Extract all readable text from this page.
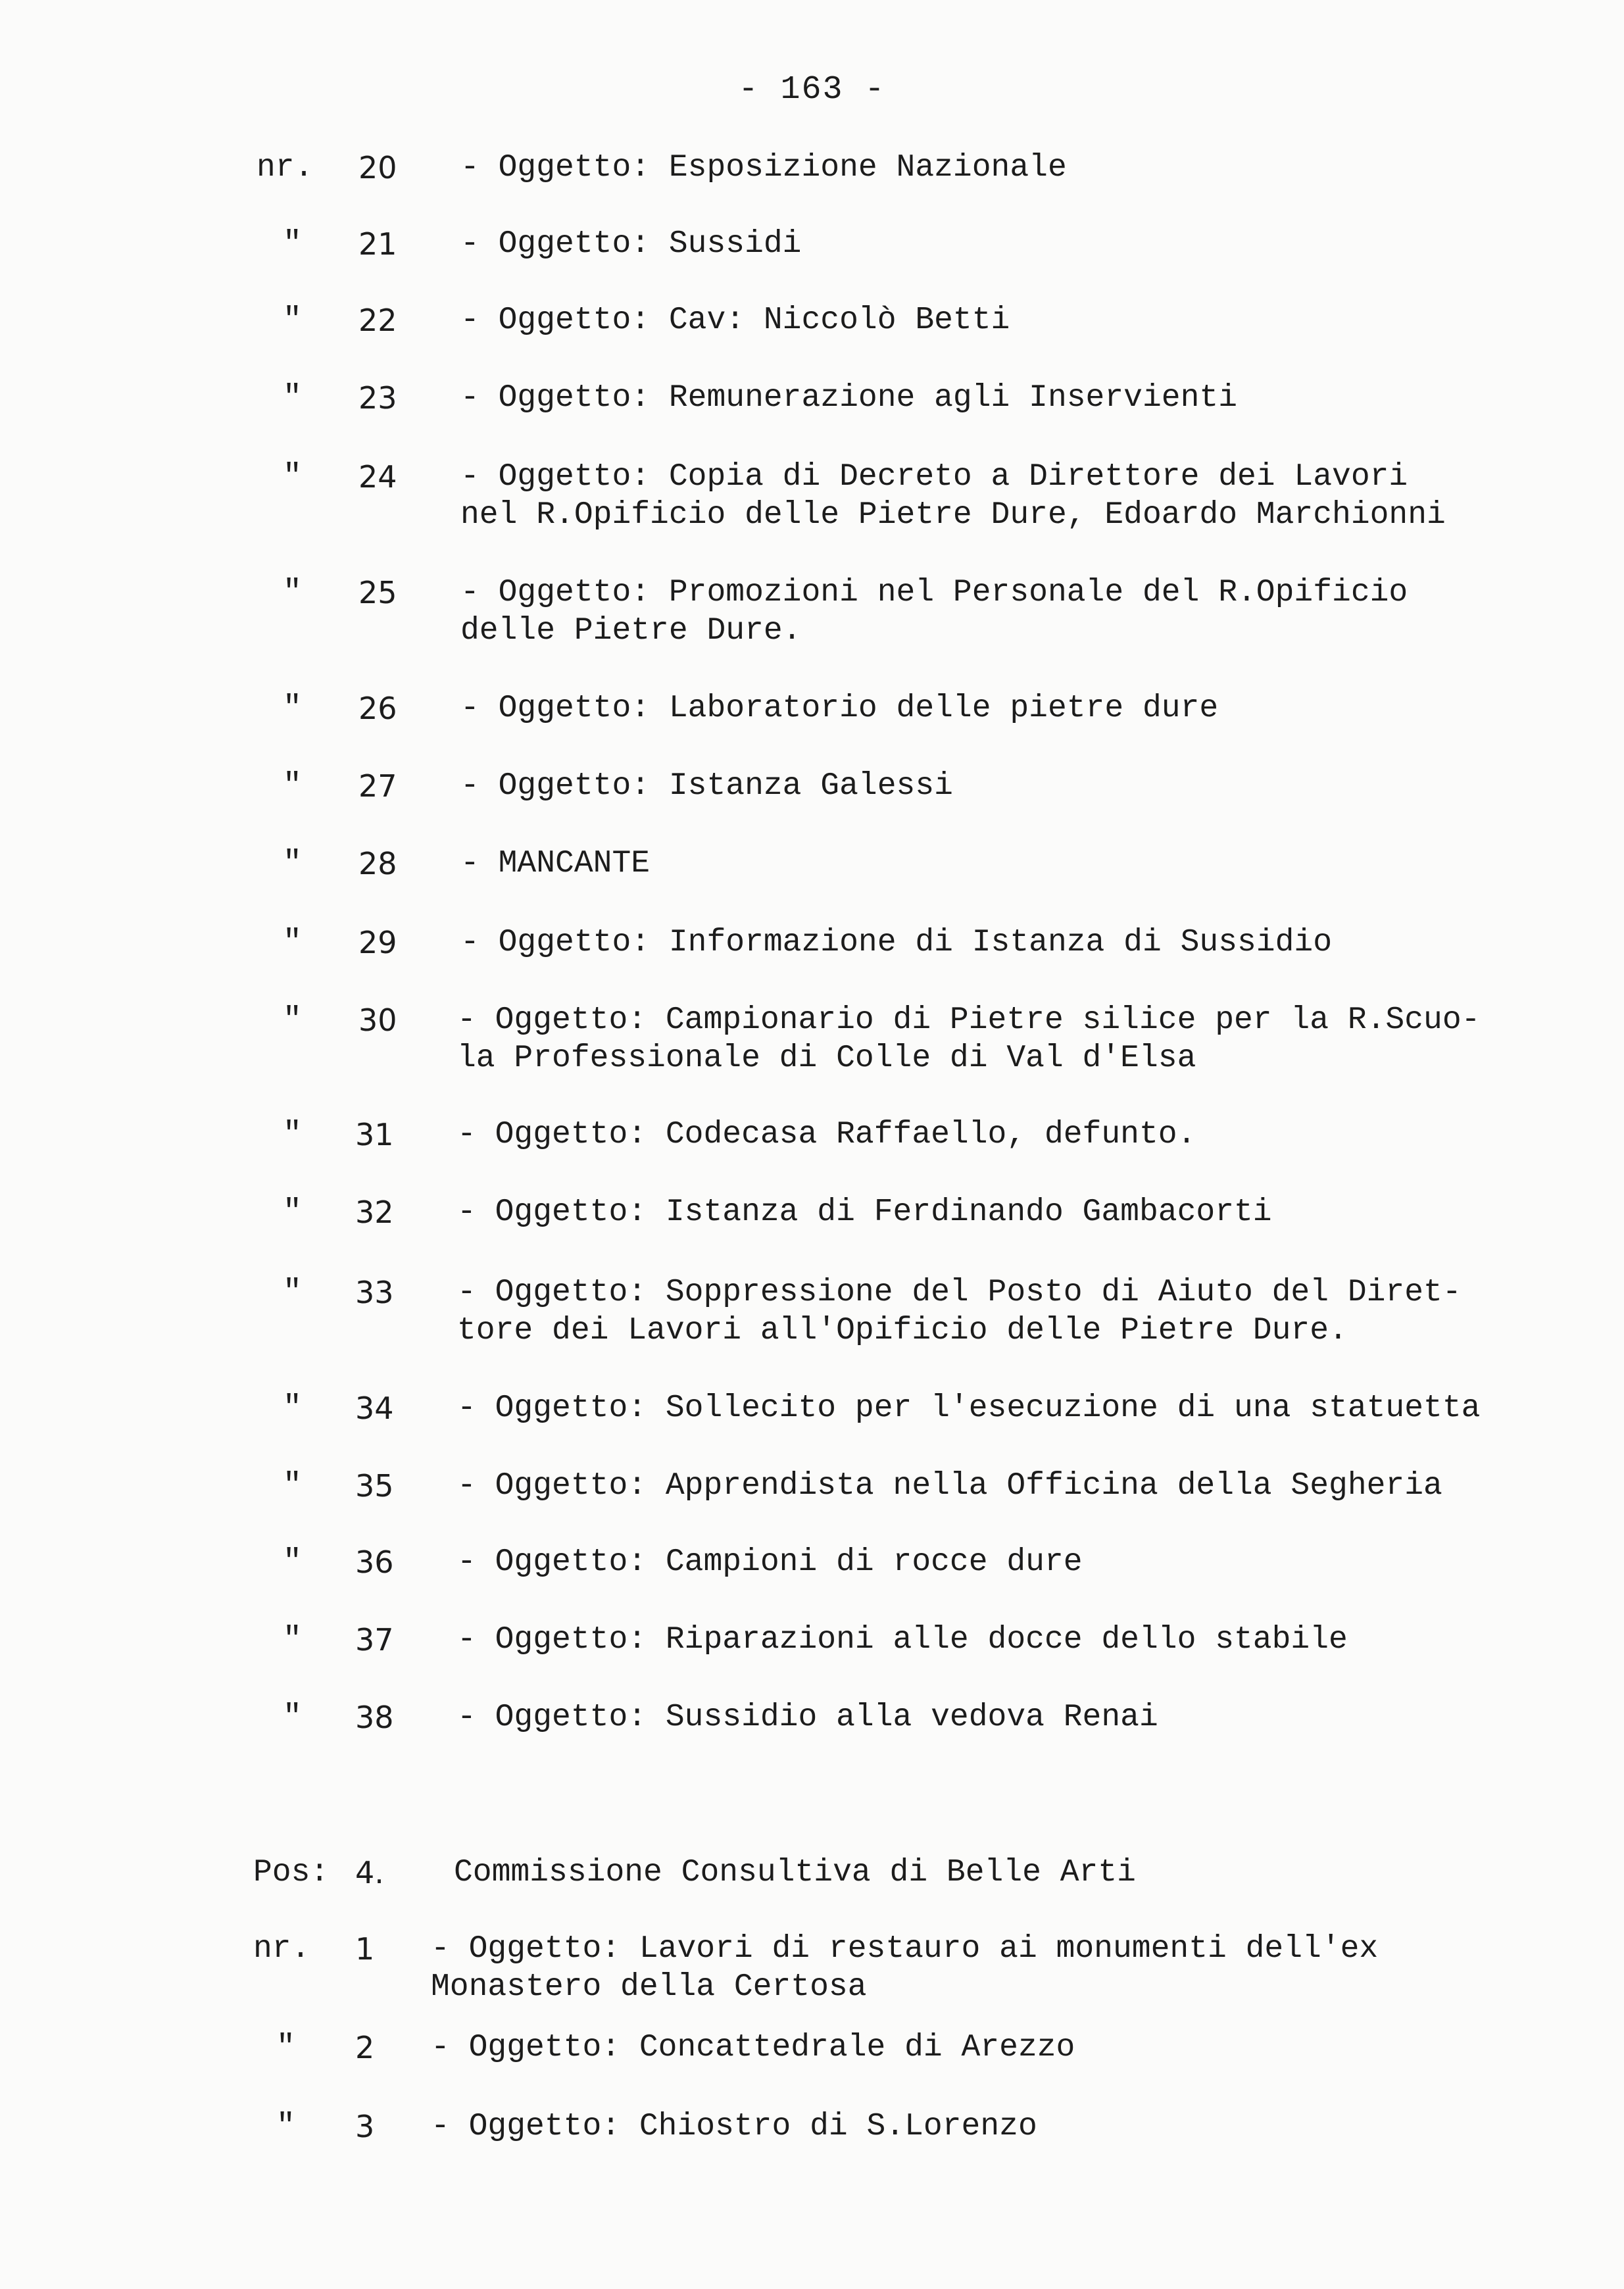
- 163 -
nr. 20 - Oggetto: Esposizione Nazionale
" 21 - Oggetto: Sussidi
" 22 - Oggetto: Cav: Niccolò Betti
" 23 - Oggetto: Remunerazione agli Inservienti
" 24 - Oggetto: Copia di Decreto a Direttore dei Lavori
nel R.Opificio delle Pietre Dure, Edoardo Marchionni
" 25 - Oggetto: Promozioni nel Personale del R.Opificio
delle Pietre Dure.
" 26 - Oggetto: Laboratorio delle pietre dure
" 27 - Oggetto: Istanza Galessi
" 28 - MANCANTE
" 29 - Oggetto: Informazione di Istanza di Sussidio
" 30 - Oggetto: Campionario di Pietre silice per la R.Scuo-
la Professionale di Colle di Val d'Elsa
" 31 - Oggetto: Codecasa Raffaello, defunto.
" 32 - Oggetto: Istanza di Ferdinando Gambacorti
" 33 - Oggetto: Soppressione del Posto di Aiuto del Diret-
tore dei Lavori all'Opificio delle Pietre Dure.
" 34 - Oggetto: Sollecito per l'esecuzione di una statuetta
" 35 - Oggetto: Apprendista nella Officina della Segheria
" 36 - Oggetto: Campioni di rocce dure
" 37 - Oggetto: Riparazioni alle docce dello stabile
" 38 - Oggetto: Sussidio alla vedova Renai
Pos: 4. Commissione Consultiva di Belle Arti
nr. 1 - Oggetto: Lavori di restauro ai monumenti dell'ex
Monastero della Certosa
" 2 - Oggetto: Concattedrale di Arezzo
" 3 - Oggetto: Chiostro di S.Lorenzo
